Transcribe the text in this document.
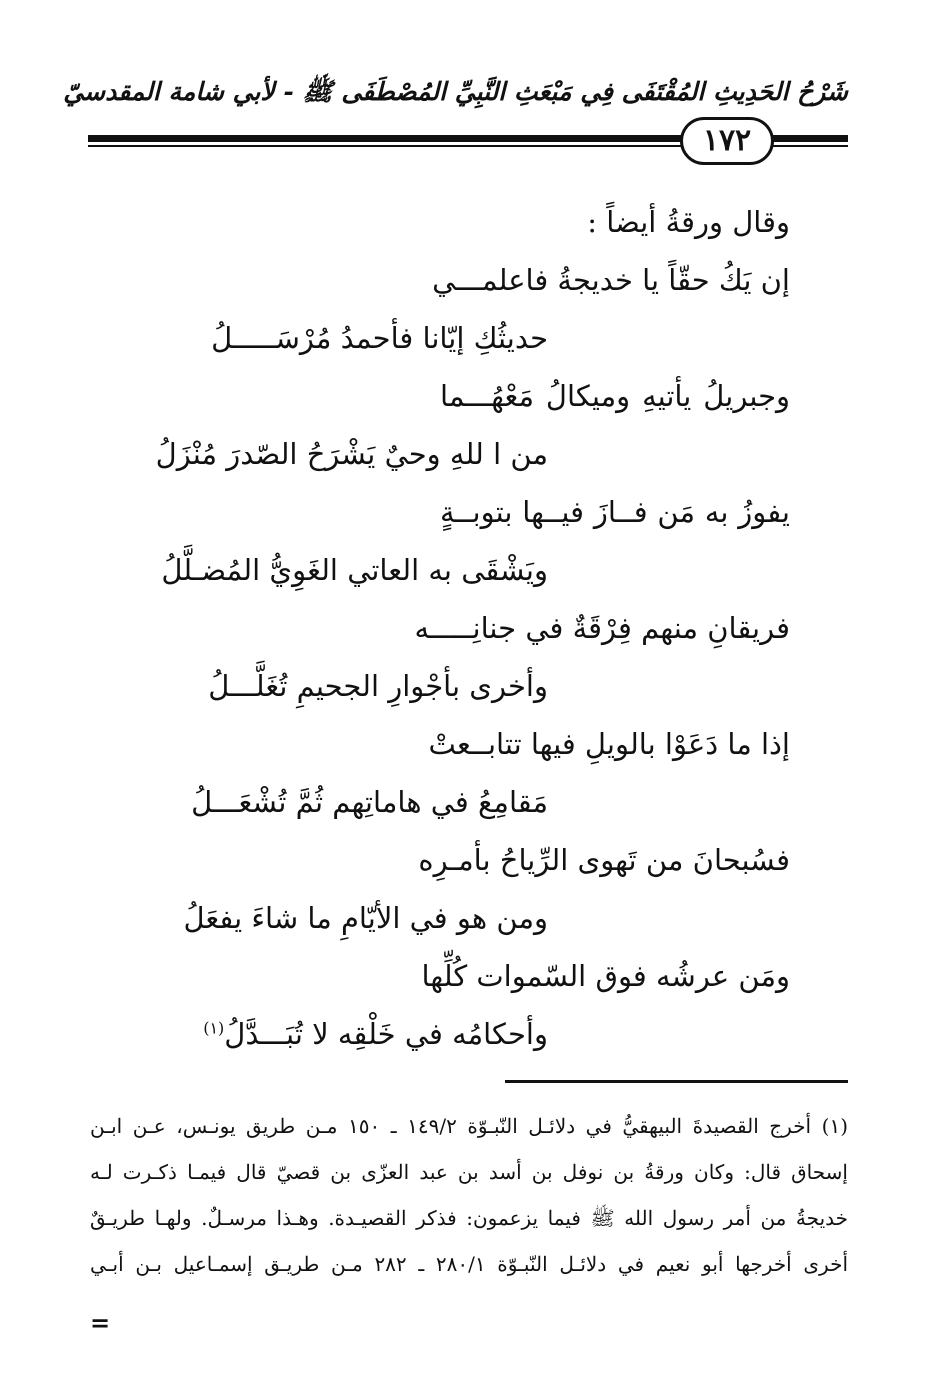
شَرْحُ الحَدِيثِ المُقْتَفَى فِي مَبْعَثِ النَّبِيِّ المُصْطَفَى ﷺ - لأبي شامة المقدسيّ
١٧٢
وقال ورقةُ أيضاً :
إن يَكُ حقّاً يا خديجةُ فاعلمـــي
حديثُكِ إيّانا فأحمدُ مُرْسَـــــلُ
وجبريلُ يأتيهِ وميكالُ مَعْهُـــما
من ا للهِ وحيٌ يَشْرَحُ الصّدرَ مُنْزَلُ
يفوزُ به مَن فــازَ فيــها بتوبــةٍ
ويَشْقَى به العاتي الغَوِيُّ المُضـلَّلُ
فريقانِ منهم فِرْقَةٌ في جنانِـــــه
وأخرى بأجْوارِ الجحيمِ تُغَلَّـــلُ
إذا ما دَعَوْا بالويلِ فيها تتابــعتْ
مَقامِعُ في هاماتِهم ثُمَّ تُشْعَـــلُ
فسُبحانَ من تَهوى الرِّياحُ بأمـرِه
ومن هو في الأيّامِ ما شاءَ يفعَلُ
ومَن عرشُه فوق السّموات كُلِّها
وأحكامُه في خَلْقِه لا تُبَـــدَّلُ$^{(١)}$
(١) أخرج القصيدةَ البيهقيُّ في دلائـل النّبـوّة ١٤٩/٢ ـ ١٥٠ مـن طريق يونـس، عـن ابـن
إسحاق قال: وكان ورقةُ بن نوفل بن أسد بن عبد العزّى بن قصيّ قال فيمـا ذكـرت لـه
خديجةُ من أمر رسول الله ﷺ فيما يزعمون: فذكر القصيـدة. وهـذا مرسـلٌ. ولهـا طريـقٌ
أخرى أخرجها أبو نعيم في دلائـل النّبـوّة ٢٨٠/١ ـ ٢٨٢ مـن طريـق إسمـاعيل بـن أبـي
=
